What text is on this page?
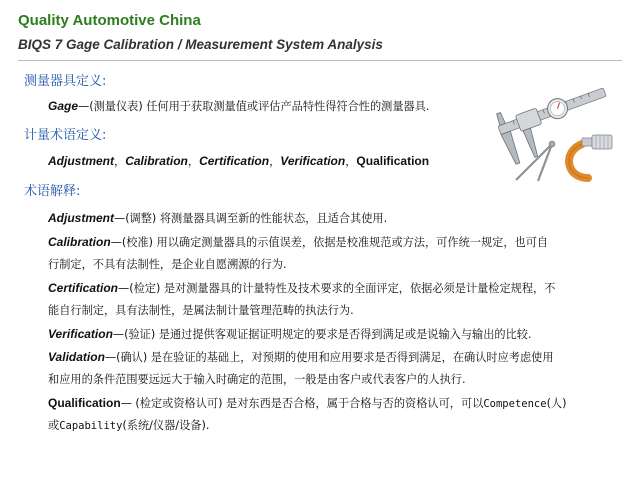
Quality Automotive China
BIQS 7 Gage Calibration / Measurement System Analysis
测量器具定义:
Gage—(测量仪表) 任何用于获取测量值或评估产品特性得符合性的测量器具.
计量术语定义:
Adjustment，Calibration，Certification，Verification，Qualification
术语解释:
Adjustment—(调整) 将测量器具调至新的性能状态，且适合其使用.
Calibration—(校准) 用以确定测量器具的示值误差，依据是校准规范或方法，可作统一规定，也可自
行制定，不具有法制性，是企业自愿溯源的行为.
Certification—(检定) 是对测量器具的计量特性及技术要求的全面评定，依据必须是计量检定规程，不
能自行制定，具有法制性，是属法制计量管理范畴的执法行为.
Verification—(验证) 是通过提供客观证据证明规定的要求是否得到满足或是说输入与输出的比较.
Validation—(确认) 是在验证的基础上，对预期的使用和应用要求是否得到满足，在确认时应考虑使用
和应用的条件范围要远远大于输入时确定的范围，一般是由客户或代表客户的人执行.
Qualification— (检定或资格认可) 是对东西是否合格，属于合格与否的资格认可，可以Competence(人)
或Capability(系统/仪器/设备).
